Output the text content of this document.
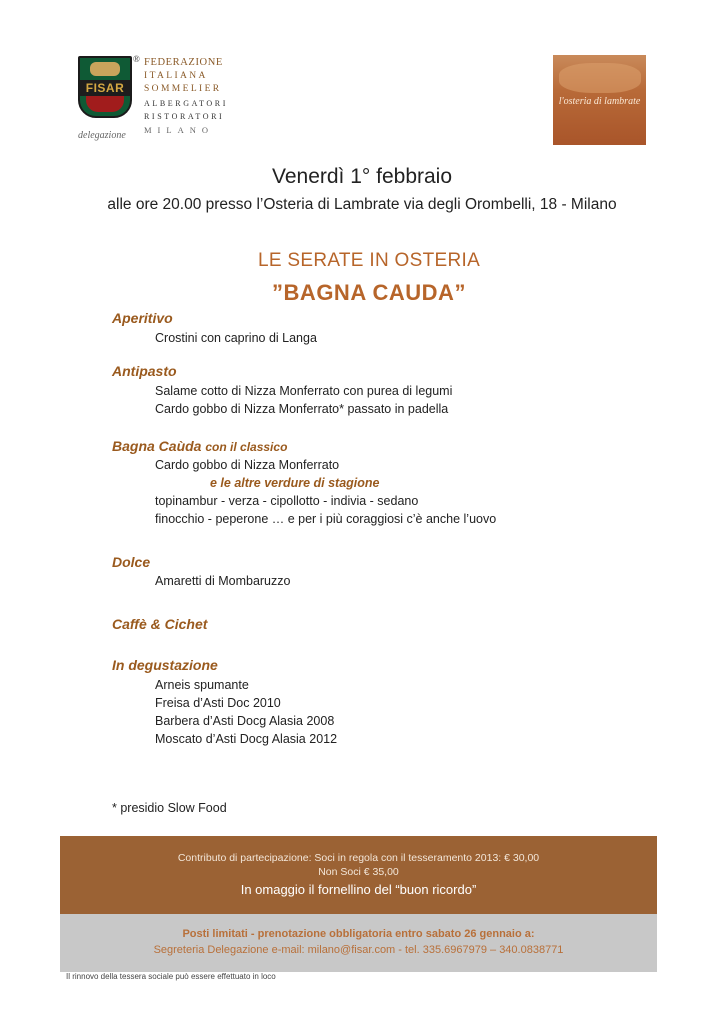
FISAR
® FEDERAZIONE
ITALIANA
SOMMELIER
ALBERGATORI
RISTORATORI
MILANO
delegazione
l'osteria di lambrate
Venerdì 1° febbraio
alle ore 20.00 presso l’Osteria di Lambrate via degli Orombelli, 18 - Milano
LE SERATE IN OSTERIA
”BAGNA CAUDA”
Aperitivo
Crostini con caprino di Langa
Antipasto
Salame cotto di Nizza Monferrato con purea di legumi
Cardo gobbo di Nizza Monferrato* passato in padella
Bagna Caùda con il classico
Cardo gobbo di Nizza Monferrato
e le altre verdure di stagione
topinambur - verza - cipollotto - indivia - sedano
finocchio - peperone … e per i più coraggiosi c’è anche l’uovo
Dolce
Amaretti di Mombaruzzo
Caffè & Cichet
In degustazione
Arneis spumante
Freisa d’Asti Doc 2010
Barbera d’Asti Docg Alasia 2008
Moscato d’Asti Docg Alasia 2012
* presidio Slow Food
Contributo di partecipazione: Soci in regola con il tesseramento 2013: € 30,00
Non Soci € 35,00
In omaggio il fornellino del “buon ricordo”
Posti limitati - prenotazione obbligatoria entro sabato 26 gennaio a:
Segreteria Delegazione e-mail: milano@fisar.com - tel. 335.6967979 – 340.0838771
Il rinnovo della tessera sociale può essere effettuato in loco
